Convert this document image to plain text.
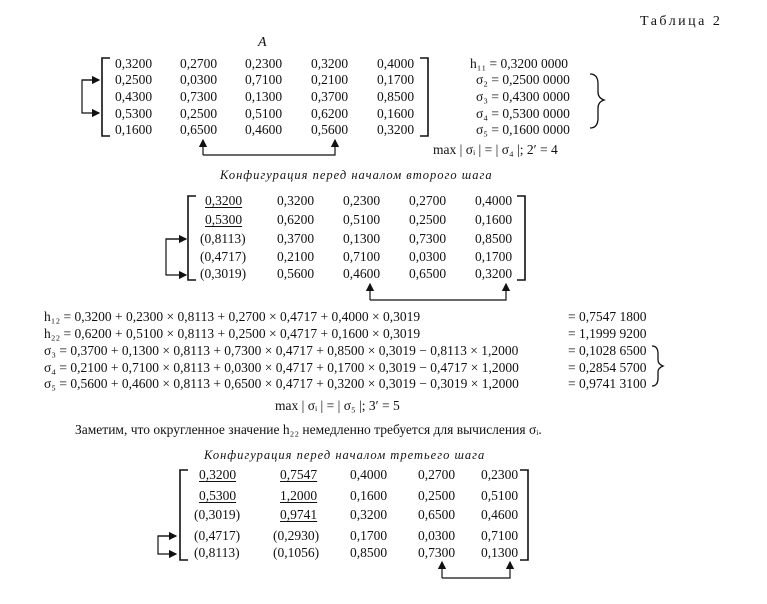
Таблица 2
A
0,3200 0,2700 0,2300 0,3200 0,4000
0,2500 0,0300 0,7100 0,2100 0,1700
0,4300 0,7300 0,1300 0,3700 0,8500
0,5300 0,2500 0,5100 0,6200 0,1600
0,1600 0,6500 0,4600 0,5600 0,3200
h₁₁ = 0,3200 0000
σ₂ = 0,2500 0000
σ₃ = 0,4300 0000
σ₄ = 0,5300 0000
σ₅ = 0,1600 0000
max | σᵢ | = | σ₄ |; 2′ = 4
Конфигурация перед началом второго шага
0,3200	0,3200 0,2300 0,2700 0,4000
0,5300	0,6200 0,5100 0,2500 0,1600
(0,8113) 0,3700 0,1300 0,7300 0,8500
(0,4717) 0,2100 0,7100 0,0300 0,1700
(0,3019) 0,5600 0,4600 0,6500 0,3200
h₁₂ = 0,3200 + 0,2300 × 0,8113 + 0,2700 × 0,4717 + 0,4000 × 0,3019	= 0,7547 1800
h₂₂ = 0,6200 + 0,5100 × 0,8113 + 0,2500 × 0,4717 + 0,1600 × 0,3019	= 1,1999 9200
σ₃ = 0,3700 + 0,1300 × 0,8113 + 0,7300 × 0,4717 + 0,8500 × 0,3019 − 0,8113 × 1,2000	= 0,1028 6500
σ₄ = 0,2100 + 0,7100 × 0,8113 + 0,0300 × 0,4717 + 0,1700 × 0,3019 − 0,4717 × 1,2000	= 0,2854 5700
σ₅ = 0,5600 + 0,4600 × 0,8113 + 0,6500 × 0,4717 + 0,3200 × 0,3019 − 0,3019 × 1,2000	= 0,9741 3100
max | σᵢ | = | σ₅ |; 3′ = 5
Заметим, что округленное значение h₂₂ немедленно требуется для вычисления σᵢ.
Конфигурация перед началом третьего шага
0,3200	0,7547 0,4000 0,2700 0,2300
0,5300	1,2000 0,1600 0,2500 0,5100
(0,3019)	0,9741 0,3200 0,6500 0,4600
(0,4717) (0,2930) 0,1700 0,0300 0,7100
(0,8113) (0,1056) 0,8500 0,7300 0,1300
